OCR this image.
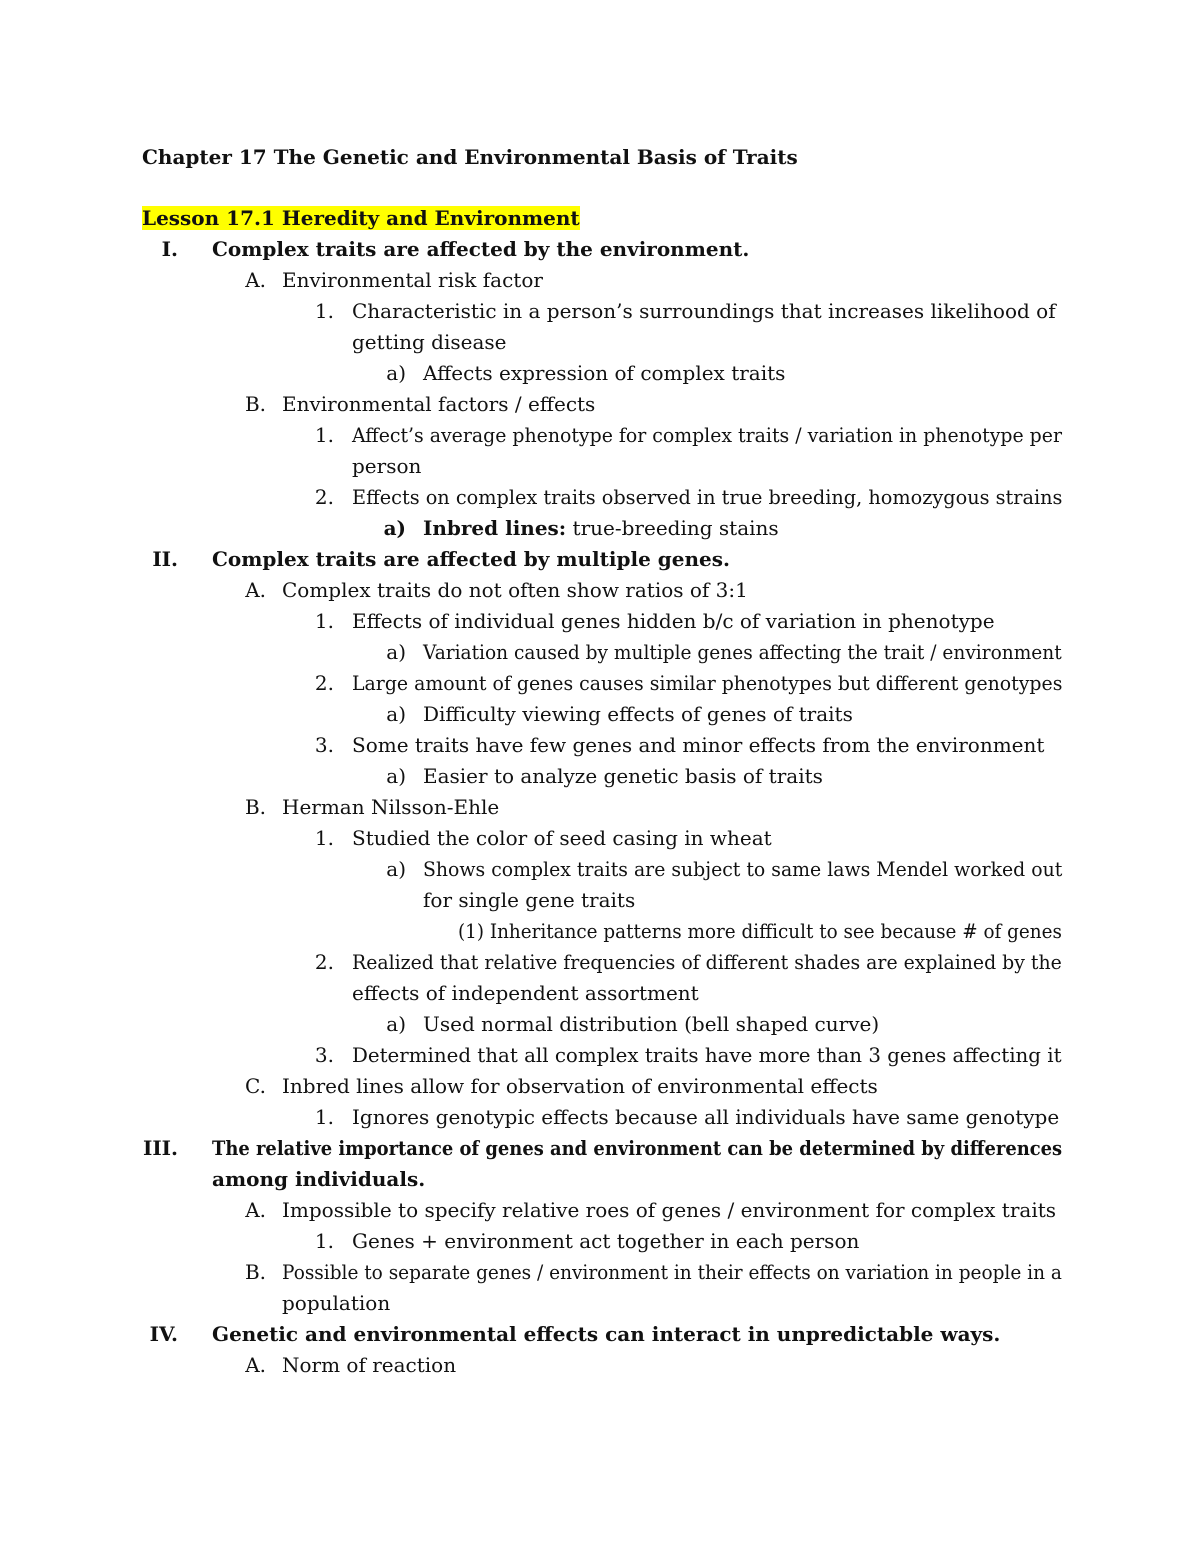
Chapter 17 The Genetic and Environmental Basis of Traits
Lesson 17.1 Heredity and Environment
I. Complex traits are affected by the environment.
A. Environmental risk factor
1. Characteristic in a person’s surroundings that increases likelihood of
getting disease
a) Affects expression of complex traits
B. Environmental factors / effects
1. Affect’s average phenotype for complex traits / variation in phenotype per
person
2. Effects on complex traits observed in true breeding, homozygous strains
a) Inbred lines: true-breeding stains
II. Complex traits are affected by multiple genes.
A. Complex traits do not often show ratios of 3:1
1. Effects of individual genes hidden b/c of variation in phenotype
a) Variation caused by multiple genes affecting the trait / environment
2. Large amount of genes causes similar phenotypes but different genotypes
a) Difficulty viewing effects of genes of traits
3. Some traits have few genes and minor effects from the environment
a) Easier to analyze genetic basis of traits
B. Herman Nilsson-Ehle
1. Studied the color of seed casing in wheat
a) Shows complex traits are subject to same laws Mendel worked out
for single gene traits
(1) Inheritance patterns more difficult to see because # of genes
2. Realized that relative frequencies of different shades are explained by the
effects of independent assortment
a) Used normal distribution (bell shaped curve)
3. Determined that all complex traits have more than 3 genes affecting it
C. Inbred lines allow for observation of environmental effects
1. Ignores genotypic effects because all individuals have same genotype
III. The relative importance of genes and environment can be determined by differences
among individuals.
A. Impossible to specify relative roes of genes / environment for complex traits
1. Genes + environment act together in each person
B. Possible to separate genes / environment in their effects on variation in people in a
population
IV. Genetic and environmental effects can interact in unpredictable ways.
A. Norm of reaction
